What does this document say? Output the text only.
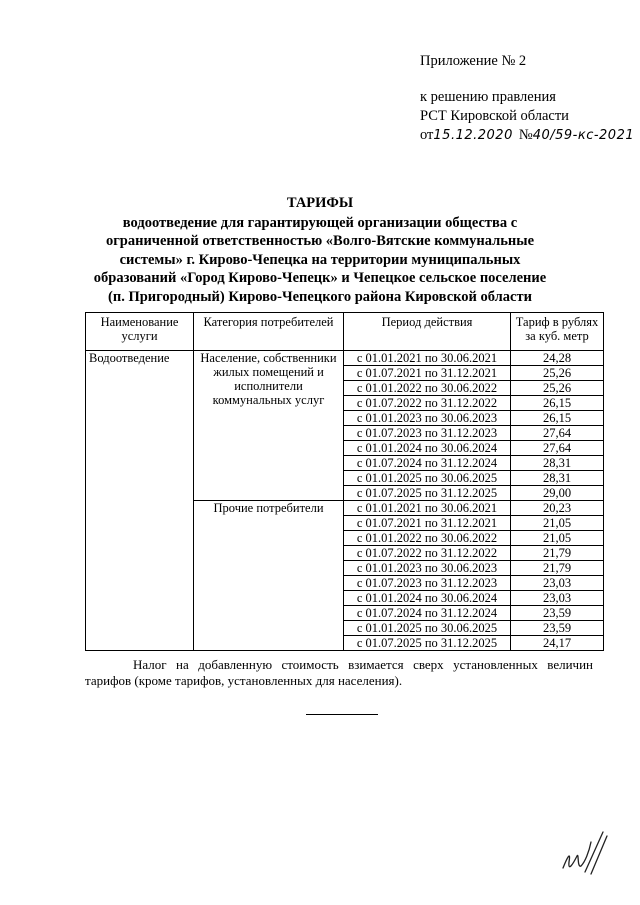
Приложение № 2
к решению правления
РСТ Кировской области
от 15.12.2020 № 40/59-кс-2021
ТАРИФЫ
водоотведение для гарантирующей организации общества с
ограниченной ответственностью «Волго-Вятские коммунальные
системы» г. Кирово-Чепецка на территории муниципальных
образований «Город Кирово-Чепецк» и Чепецкое сельское поселение
(п. Пригородный) Кирово-Чепецкого района Кировской области
Наименование услуги	Категория потребителей	Период действия	Тариф в рублях за куб. метр
Водоотведение	Население, собственники жилых помещений и исполнители коммунальных услуг	с 01.01.2021 по 30.06.2021	24,28
		с 01.07.2021 по 31.12.2021	25,26
		с 01.01.2022 по 30.06.2022	25,26
		с 01.07.2022 по 31.12.2022	26,15
		с 01.01.2023 по 30.06.2023	26,15
		с 01.07.2023 по 31.12.2023	27,64
		с 01.01.2024 по 30.06.2024	27,64
		с 01.07.2024 по 31.12.2024	28,31
		с 01.01.2025 по 30.06.2025	28,31
		с 01.07.2025 по 31.12.2025	29,00
	Прочие потребители	с 01.01.2021 по 30.06.2021	20,23
		с 01.07.2021 по 31.12.2021	21,05
		с 01.01.2022 по 30.06.2022	21,05
		с 01.07.2022 по 31.12.2022	21,79
		с 01.01.2023 по 30.06.2023	21,79
		с 01.07.2023 по 31.12.2023	23,03
		с 01.01.2024 по 30.06.2024	23,03
		с 01.07.2024 по 31.12.2024	23,59
		с 01.01.2025 по 30.06.2025	23,59
		с 01.07.2025 по 31.12.2025	24,17
Налог на добавленную стоимость взимается сверх установленных величин тарифов (кроме тарифов, установленных для населения).
